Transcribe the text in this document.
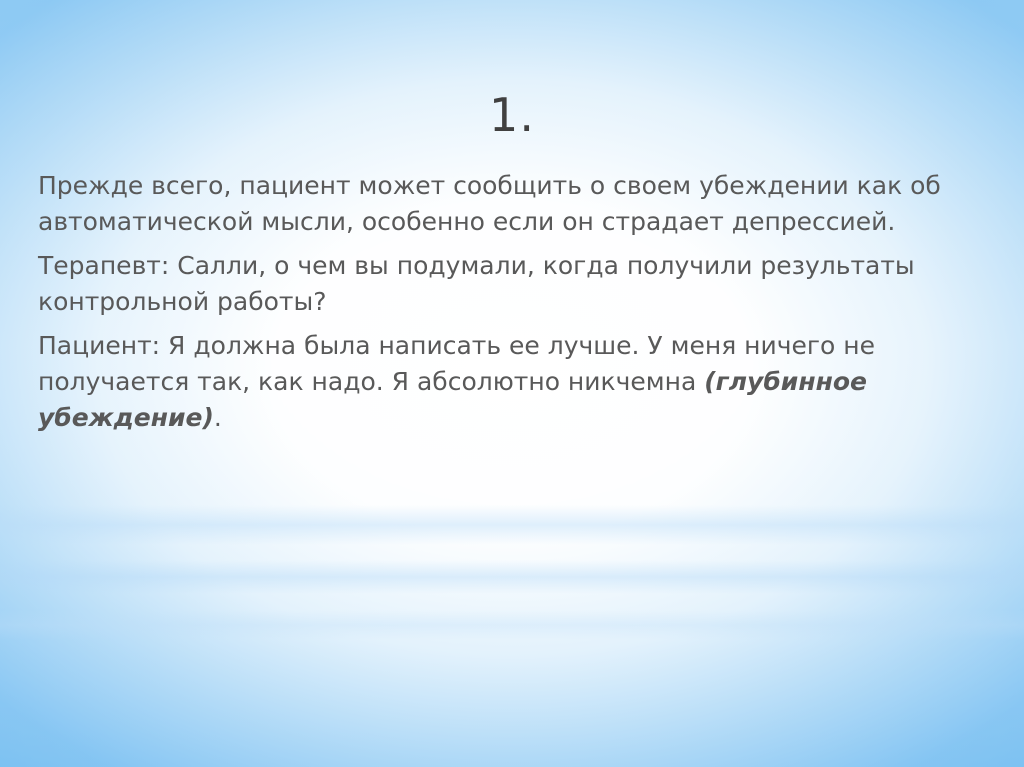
1.

Прежде всего, пациент может сообщить о своем убеждении как об автоматической мысли, особенно если он страдает депрессией.

Терапевт: Салли, о чем вы подумали, когда получили результаты контрольной работы?

Пациент: Я должна была написать ее лучше. У меня ничего не получается так, как надо. Я абсолютно никчемна (глубинное убеждение).
